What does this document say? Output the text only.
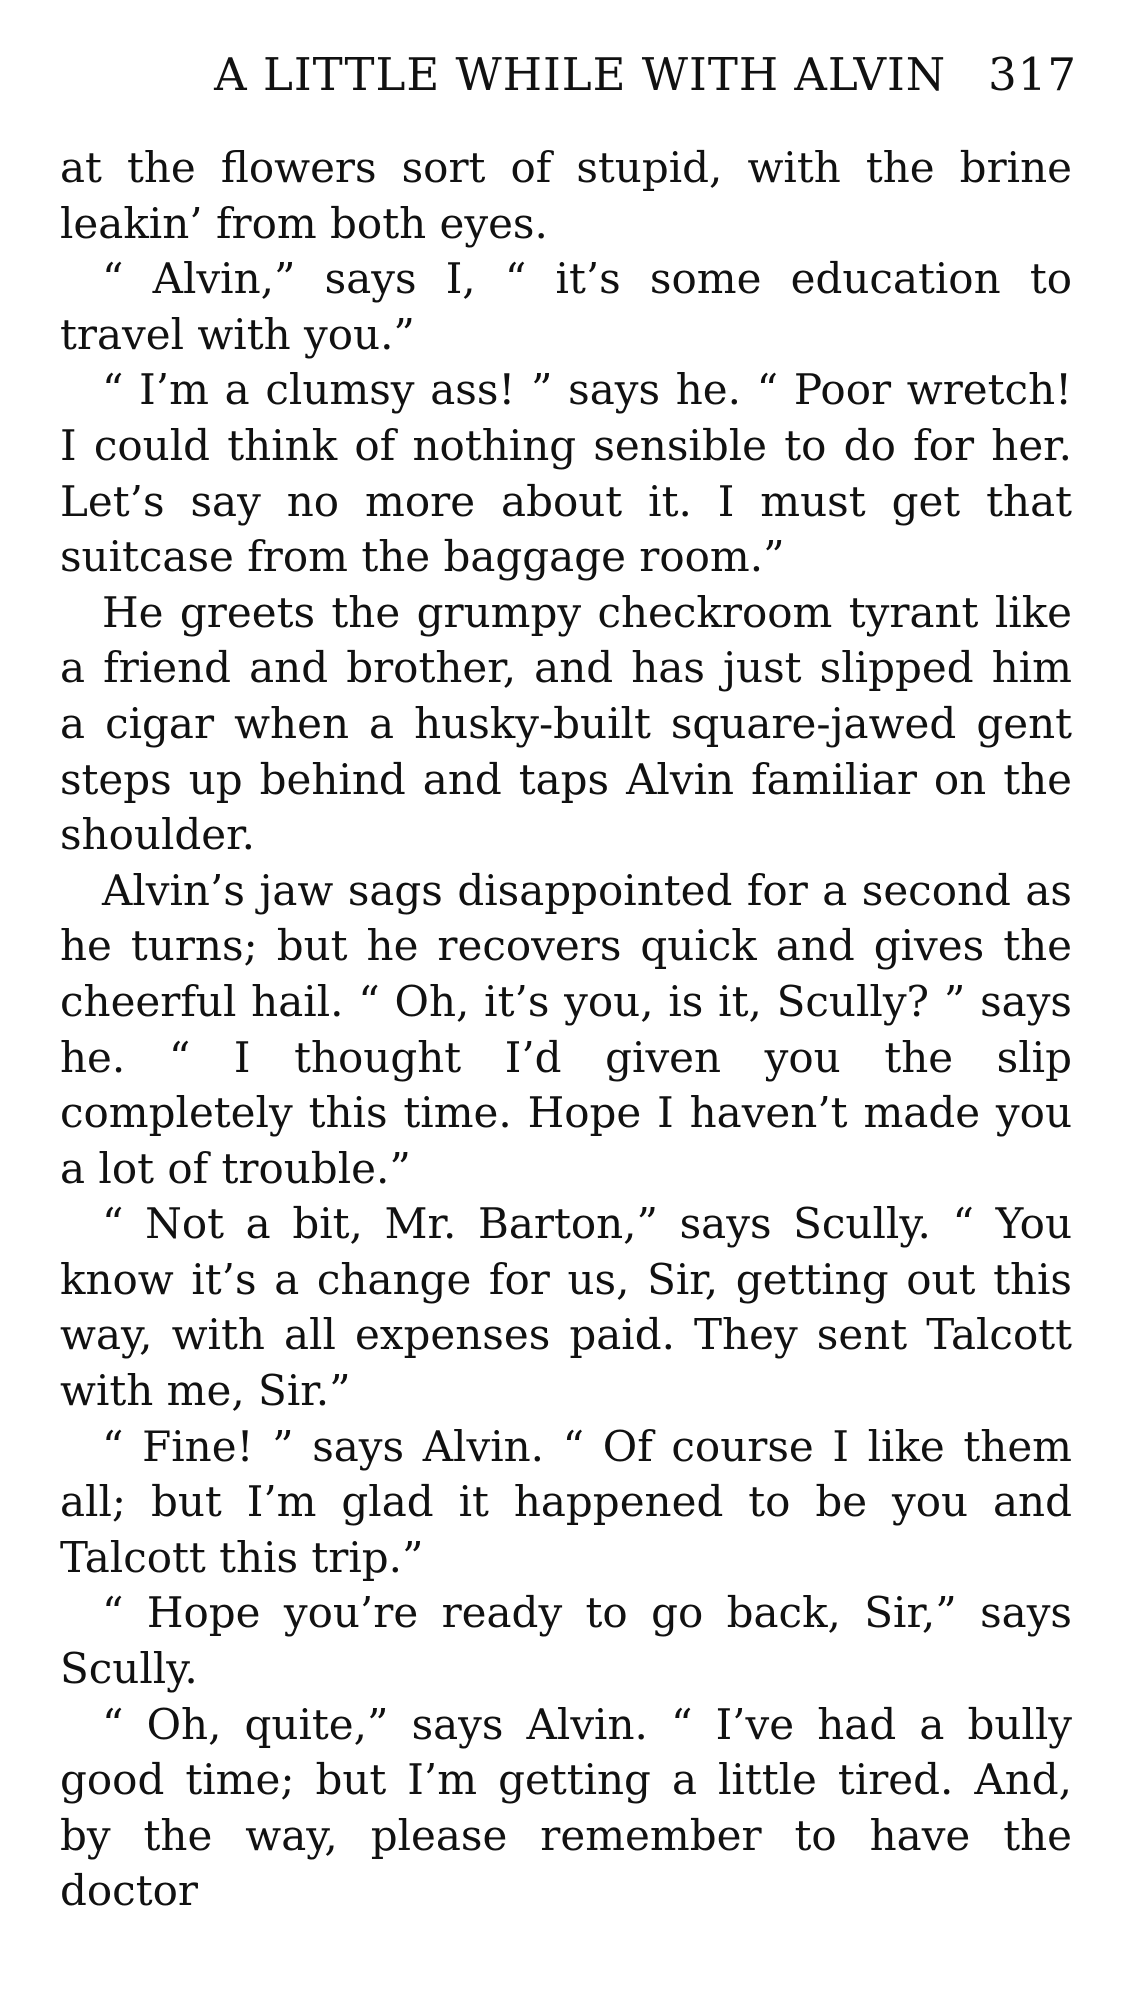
A LITTLE WHILE WITH ALVIN 317

at the flowers sort of stupid, with the brine leakin’ from both eyes.

“ Alvin,” says I, “ it’s some education to travel with you.”

“ I’m a clumsy ass! ” says he. “ Poor wretch! I could think of nothing sensible to do for her. Let’s say no more about it. I must get that suitcase from the baggage room.”

He greets the grumpy checkroom tyrant like a friend and brother, and has just slipped him a cigar when a husky-built square-jawed gent steps up behind and taps Alvin familiar on the shoulder.

Alvin’s jaw sags disappointed for a second as he turns; but he recovers quick and gives the cheerful hail. “ Oh, it’s you, is it, Scully? ” says he. “ I thought I’d given you the slip completely this time. Hope I haven’t made you a lot of trouble.”

“ Not a bit, Mr. Barton,” says Scully. “ You know it’s a change for us, Sir, getting out this way, with all expenses paid. They sent Talcott with me, Sir.”

“ Fine! ” says Alvin. “ Of course I like them all; but I’m glad it happened to be you and Talcott this trip.”

“ Hope you’re ready to go back, Sir,” says Scully.

“ Oh, quite,” says Alvin. “ I’ve had a bully good time; but I’m getting a little tired. And, by the way, please remember to have the doctor
